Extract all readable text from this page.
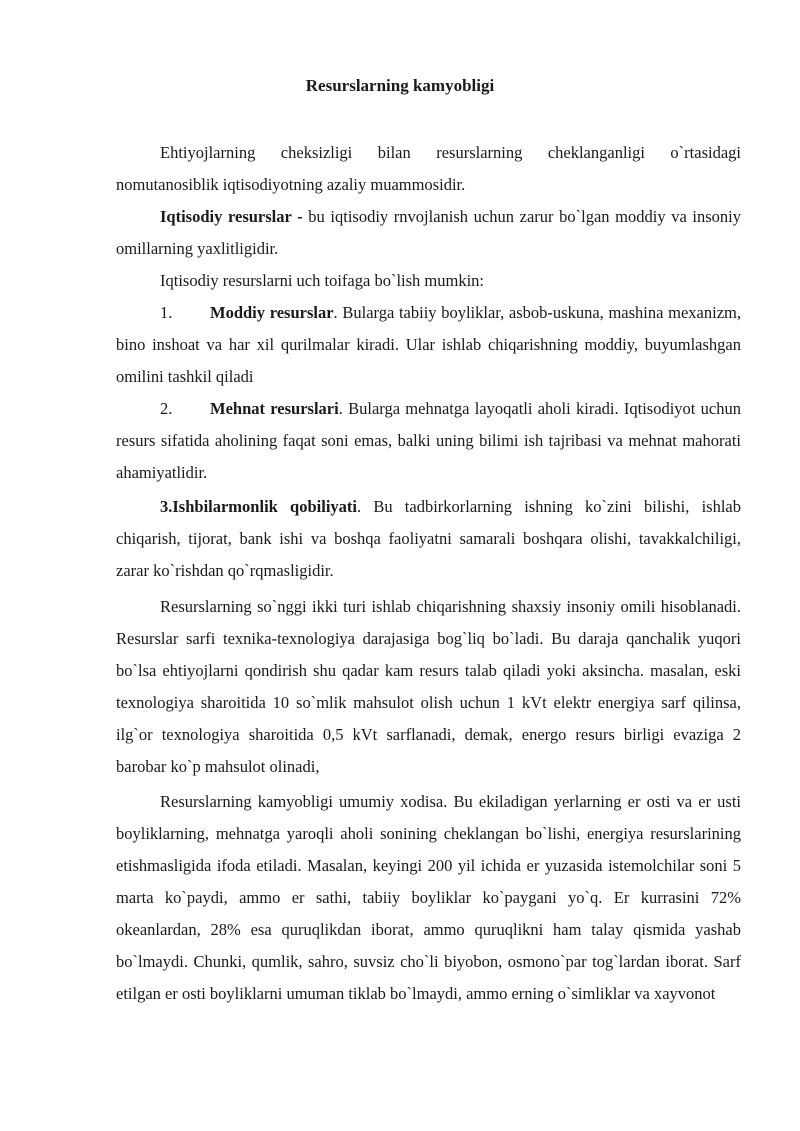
Resurslarning kamyobligi

Ehtiyojlarning cheksizligi bilan resurslarning cheklanganligi o`rtasidagi nomutanosiblik iqtisodiyotning azaliy muammosidir.

Iqtisodiy resurslar - bu iqtisodiy rnvojlanish uchun zarur bo`lgan moddiy va insoniy omillarning yaxlitligidir.

Iqtisodiy resurslarni uch toifaga bo`lish mumkin:

1. Moddiy resurslar. Bularga tabiiy boyliklar, asbob-uskuna, mashina mexanizm, bino inshoat va har xil qurilmalar kiradi. Ular ishlab chiqarishning moddiy, buyumlashgan omilini tashkil qiladi

2. Mehnat resurslari. Bularga mehnatga layoqatli aholi kiradi. Iqtisodiyot uchun resurs sifatida aholining faqat soni emas, balki uning bilimi ish tajribasi va mehnat mahorati ahamiyatlidir.

3.Ishbilarmonlik qobiliyati. Bu tadbirkorlarning ishning ko`zini bilishi, ishlab chiqarish, tijorat, bank ishi va boshqa faoliyatni samarali boshqara olishi, tavakkalchiligi, zarar ko`rishdan qo`rqmasligidir.

Resurslarning so`nggi ikki turi ishlab chiqarishning shaxsiy insoniy omili hisoblanadi. Resurslar sarfi texnika-texnologiya darajasiga bog`liq bo`ladi. Bu daraja qanchalik yuqori bo`lsa ehtiyojlarni qondirish shu qadar kam resurs talab qiladi yoki aksincha. masalan, eski texnologiya sharoitida 10 so`mlik mahsulot olish uchun 1 kVt elektr energiya sarf qilinsa, ilg`or texnologiya sharoitida 0,5 kVt sarflanadi, demak, energo resurs birligi evaziga 2 barobar ko`p mahsulot olinadi,

Resurslarning kamyobligi umumiy xodisa. Bu ekiladigan yerlarning er osti va er usti boyliklarning, mehnatga yaroqli aholi sonining cheklangan bo`lishi, energiya resurslarining etishmasligida ifoda etiladi. Masalan, keyingi 200 yil ichida er yuzasida istemolchilar soni 5 marta ko`paydi, ammo er sathi, tabiiy boyliklar ko`paygani yo`q. Er kurrasini 72% okeanlardan, 28% esa quruqlikdan iborat, ammo quruqlikni ham talay qismida yashab bo`lmaydi. Chunki, qumlik, sahro, suvsiz cho`li biyobon, osmono`par tog`lardan iborat. Sarf etilgan er osti boyliklarni umuman tiklab bo`lmaydi, ammo erning o`simliklar va xayvonot
